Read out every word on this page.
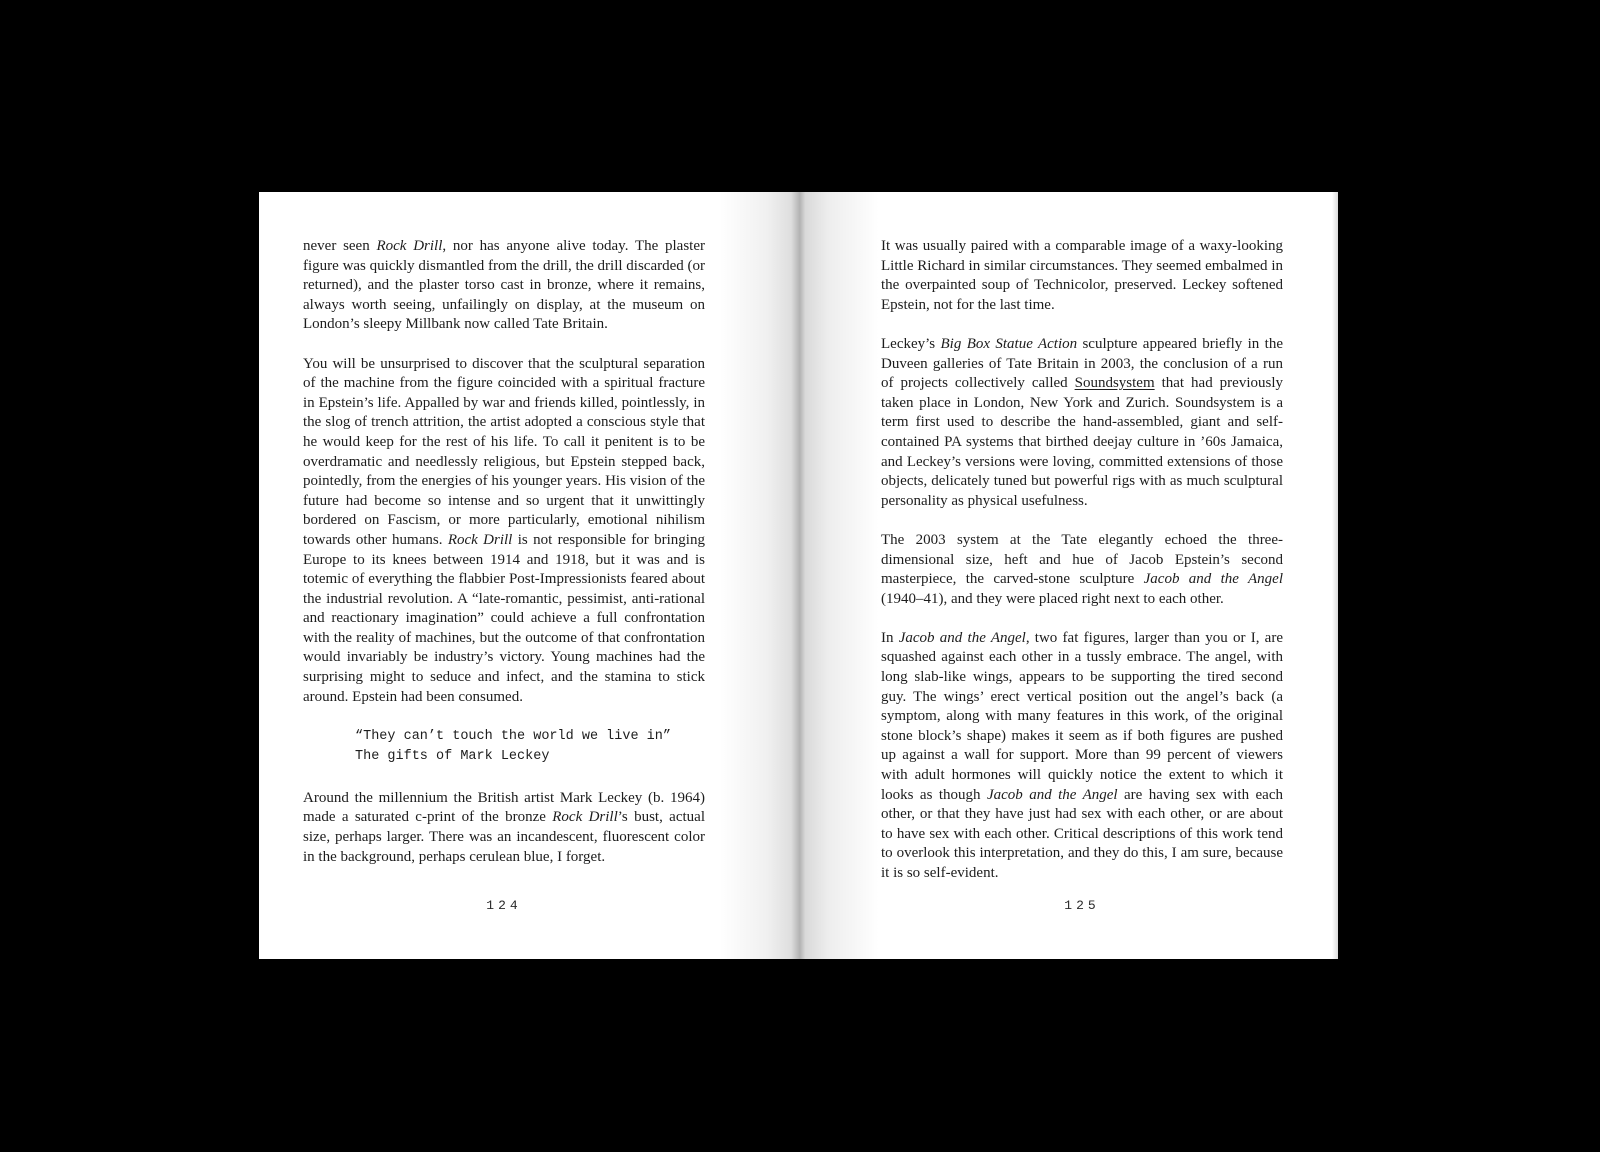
never seen Rock Drill, nor has anyone alive today. The plaster figure was quickly dismantled from the drill, the drill discarded (or returned), and the plaster torso cast in bronze, where it remains, always worth seeing, unfailingly on display, at the museum on London’s sleepy Millbank now called Tate Britain.

You will be unsurprised to discover that the sculptural separation of the machine from the figure coincided with a spiritual fracture in Epstein’s life. Appalled by war and friends killed, pointlessly, in the slog of trench attrition, the artist adopted a conscious style that he would keep for the rest of his life. To call it penitent is to be overdramatic and needlessly religious, but Epstein stepped back, pointedly, from the energies of his younger years. His vision of the future had become so intense and so urgent that it unwittingly bordered on Fascism, or more particularly, emotional nihilism towards other humans. Rock Drill is not responsible for bringing Europe to its knees between 1914 and 1918, but it was and is totemic of everything the flabbier Post-Impressionists feared about the industrial revolution. A “late-romantic, pessimist, anti-rational and reactionary imagination” could achieve a full confrontation with the reality of machines, but the outcome of that confrontation would invariably be industry’s victory. Young machines had the surprising might to seduce and infect, and the stamina to stick around. Epstein had been consumed.

“They can’t touch the world we live in”
The gifts of Mark Leckey

Around the millennium the British artist Mark Leckey (b. 1964) made a saturated c-print of the bronze Rock Drill’s bust, actual size, perhaps larger. There was an incandescent, fluorescent color in the background, perhaps cerulean blue, I forget.

It was usually paired with a comparable image of a waxy-looking Little Richard in similar circumstances. They seemed embalmed in the overpainted soup of Technicolor, preserved. Leckey softened Epstein, not for the last time.

Leckey’s Big Box Statue Action sculpture appeared briefly in the Duveen galleries of Tate Britain in 2003, the conclusion of a run of projects collectively called Soundsystem that had previously taken place in London, New York and Zurich. Soundsystem is a term first used to describe the hand-assembled, giant and self-contained PA systems that birthed deejay culture in ’60s Jamaica, and Leckey’s versions were loving, committed extensions of those objects, delicately tuned but powerful rigs with as much sculptural personality as physical usefulness.

The 2003 system at the Tate elegantly echoed the three-dimensional size, heft and hue of Jacob Epstein’s second masterpiece, the carved-stone sculpture Jacob and the Angel (1940–41), and they were placed right next to each other.

In Jacob and the Angel, two fat figures, larger than you or I, are squashed against each other in a tussly embrace. The angel, with long slab-like wings, appears to be supporting the tired second guy. The wings’ erect vertical position out the angel’s back (a symptom, along with many features in this work, of the original stone block’s shape) makes it seem as if both figures are pushed up against a wall for support. More than 99 percent of viewers with adult hormones will quickly notice the extent to which it looks as though Jacob and the Angel are having sex with each other, or that they have just had sex with each other, or are about to have sex with each other. Critical descriptions of this work tend to overlook this interpretation, and they do this, I am sure, because it is so self-evident.

124	125
